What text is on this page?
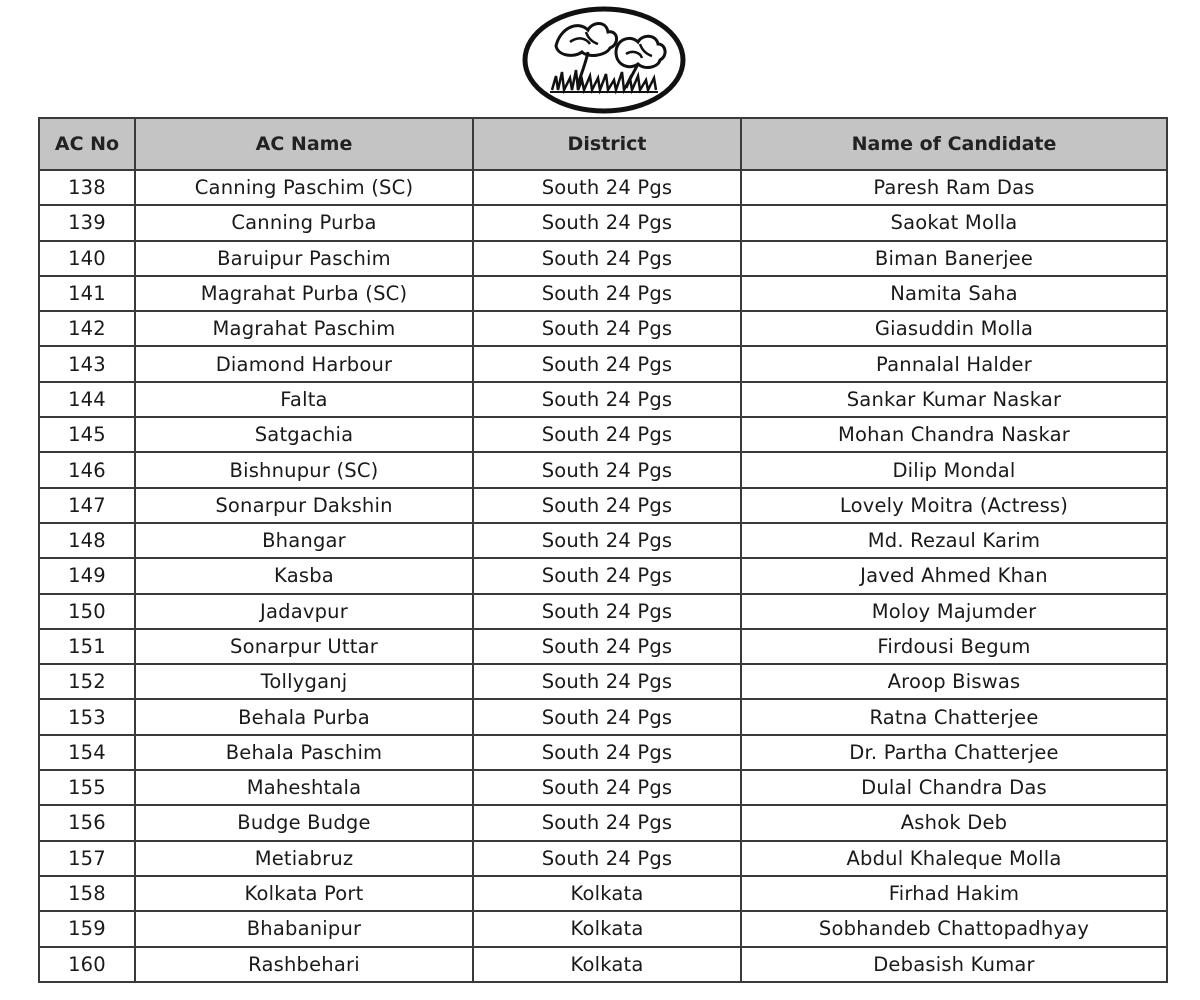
AC No	AC Name	District	Name of Candidate
138	Canning Paschim (SC)	South 24 Pgs	Paresh Ram Das
139	Canning Purba	South 24 Pgs	Saokat Molla
140	Baruipur Paschim	South 24 Pgs	Biman Banerjee
141	Magrahat Purba (SC)	South 24 Pgs	Namita Saha
142	Magrahat Paschim	South 24 Pgs	Giasuddin Molla
143	Diamond Harbour	South 24 Pgs	Pannalal Halder
144	Falta	South 24 Pgs	Sankar Kumar Naskar
145	Satgachia	South 24 Pgs	Mohan Chandra Naskar
146	Bishnupur (SC)	South 24 Pgs	Dilip Mondal
147	Sonarpur Dakshin	South 24 Pgs	Lovely Moitra (Actress)
148	Bhangar	South 24 Pgs	Md. Rezaul Karim
149	Kasba	South 24 Pgs	Javed Ahmed Khan
150	Jadavpur	South 24 Pgs	Moloy Majumder
151	Sonarpur Uttar	South 24 Pgs	Firdousi Begum
152	Tollyganj	South 24 Pgs	Aroop Biswas
153	Behala Purba	South 24 Pgs	Ratna Chatterjee
154	Behala Paschim	South 24 Pgs	Dr. Partha Chatterjee
155	Maheshtala	South 24 Pgs	Dulal Chandra Das
156	Budge Budge	South 24 Pgs	Ashok Deb
157	Metiabruz	South 24 Pgs	Abdul Khaleque Molla
158	Kolkata Port	Kolkata	Firhad Hakim
159	Bhabanipur	Kolkata	Sobhandeb Chattopadhyay
160	Rashbehari	Kolkata	Debasish Kumar
